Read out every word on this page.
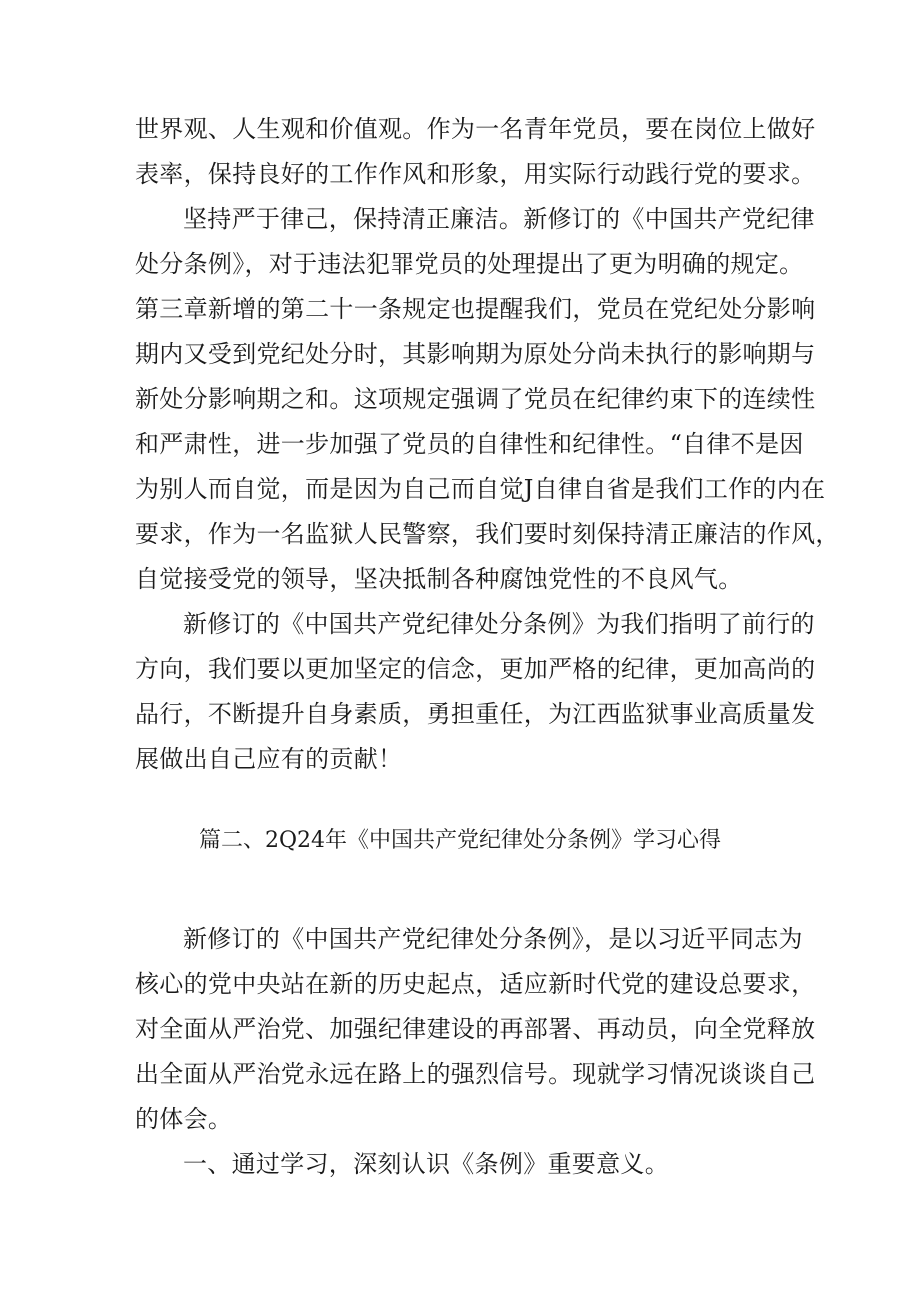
世界观、人生观和价值观。作为一名青年党员，要在岗位上做好
表率，保持良好的工作作风和形象，用实际行动践行党的要求。
坚持严于律己，保持清正廉洁。新修订的《中国共产党纪律
处分条例》，对于违法犯罪党员的处理提出了更为明确的规定。
第三章新增的第二十一条规定也提醒我们，党员在党纪处分影响
期内又受到党纪处分时，其影响期为原处分尚未执行的影响期与
新处分影响期之和。这项规定强调了党员在纪律约束下的连续性
和严肃性，进一步加强了党员的自律性和纪律性。“自律不是因
为别人而自觉，而是因为自己而自觉J自律自省是我们工作的内在
要求，作为一名监狱人民警察，我们要时刻保持清正廉洁的作风，
自觉接受党的领导，坚决抵制各种腐蚀党性的不良风气。
新修订的《中国共产党纪律处分条例》为我们指明了前行的
方向，我们要以更加坚定的信念，更加严格的纪律，更加高尚的
品行，不断提升自身素质，勇担重任，为江西监狱事业高质量发
展做出自己应有的贡献！
篇二、2Q24年《中国共产党纪律处分条例》学习心得
新修订的《中国共产党纪律处分条例》，是以习近平同志为
核心的党中央站在新的历史起点，适应新时代党的建设总要求，
对全面从严治党、加强纪律建设的再部署、再动员，向全党释放
出全面从严治党永远在路上的强烈信号。现就学习情况谈谈自己
的体会。
一、通过学习，深刻认识《条例》重要意义。
